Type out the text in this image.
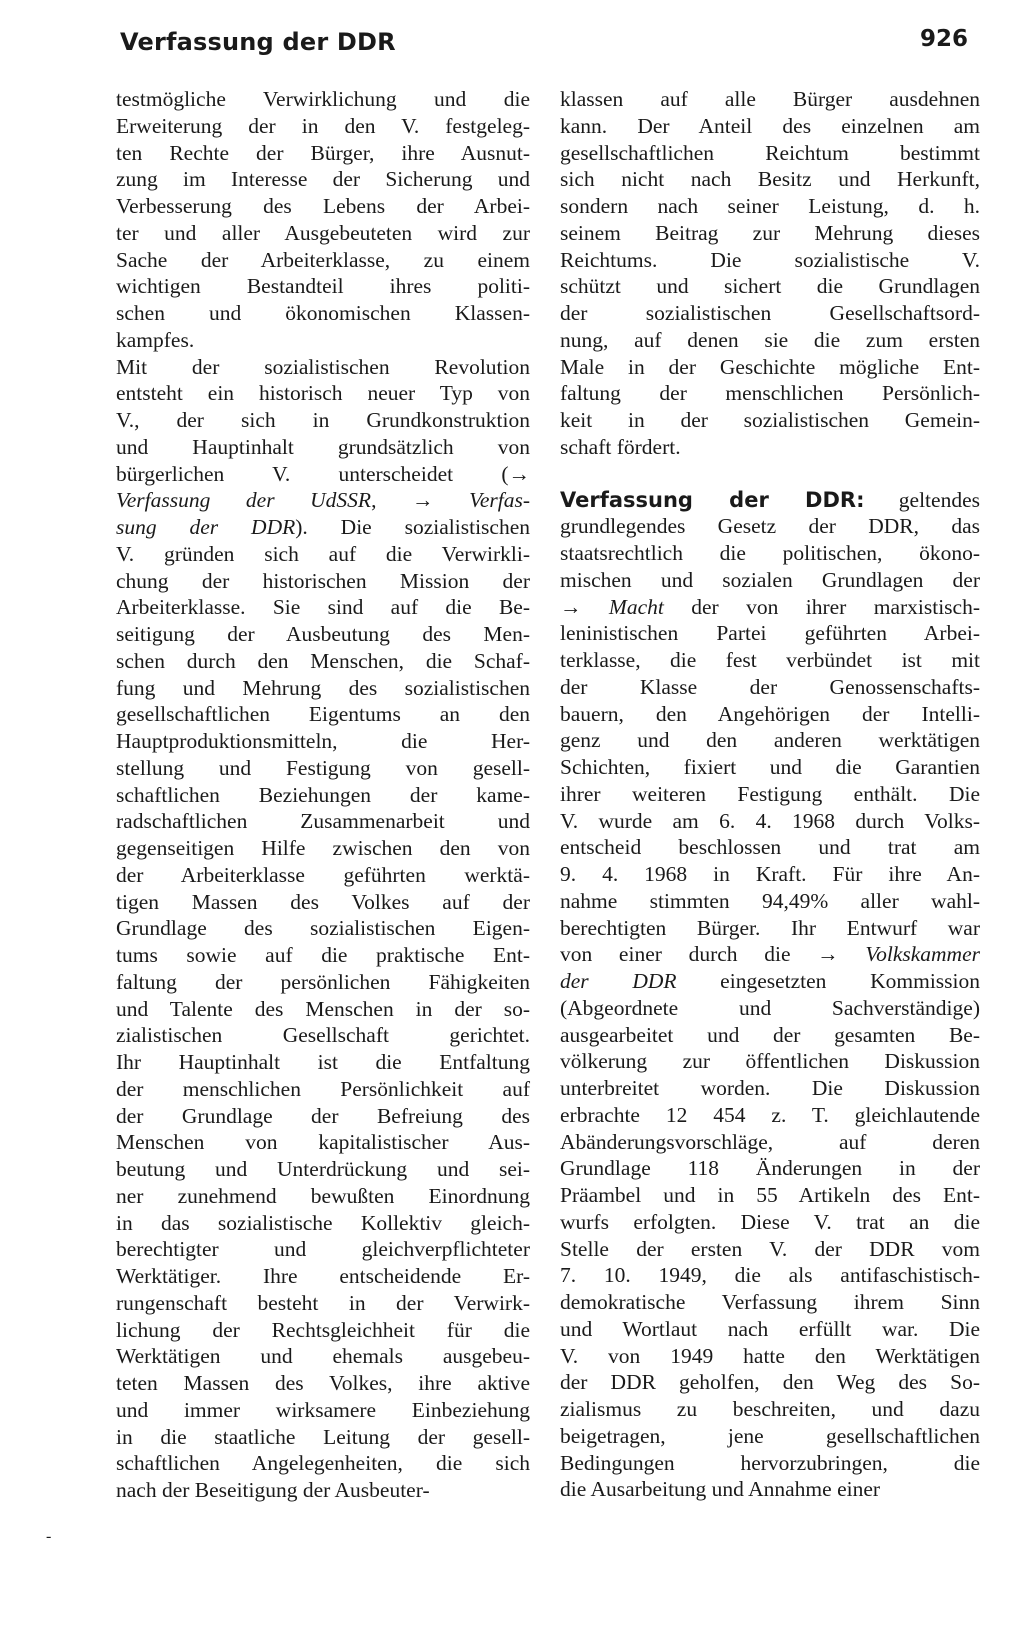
Verfassung der DDR	926
testmögliche Verwirklichung und die
Erweiterung der in den V. festgeleg-
ten Rechte der Bürger, ihre Ausnut-
zung im Interesse der Sicherung und
Verbesserung des Lebens der Arbei-
ter und aller Ausgebeuteten wird zur
Sache der Arbeiterklasse, zu einem
wichtigen Bestandteil ihres politi-
schen und ökonomischen Klassen-
kampfes.
Mit der sozialistischen Revolution
entsteht ein historisch neuer Typ von
V., der sich in Grundkonstruktion
und Hauptinhalt grundsätzlich von
bürgerlichen V. unterscheidet (→
Verfassung der UdSSR, → Verfas-
sung der DDR). Die sozialistischen
V. gründen sich auf die Verwirkli-
chung der historischen Mission der
Arbeiterklasse. Sie sind auf die Be-
seitigung der Ausbeutung des Men-
schen durch den Menschen, die Schaf-
fung und Mehrung des sozialistischen
gesellschaftlichen Eigentums an den
Hauptproduktionsmitteln, die Her-
stellung und Festigung von gesell-
schaftlichen Beziehungen der kame-
radschaftlichen Zusammenarbeit und
gegenseitigen Hilfe zwischen den von
der Arbeiterklasse geführten werktä-
tigen Massen des Volkes auf der
Grundlage des sozialistischen Eigen-
tums sowie auf die praktische Ent-
faltung der persönlichen Fähigkeiten
und Talente des Menschen in der so-
zialistischen Gesellschaft gerichtet.
Ihr Hauptinhalt ist die Entfaltung
der menschlichen Persönlichkeit auf
der Grundlage der Befreiung des
Menschen von kapitalistischer Aus-
beutung und Unterdrückung und sei-
ner zunehmend bewußten Einordnung
in das sozialistische Kollektiv gleich-
berechtigter und gleichverpflichteter
Werktätiger. Ihre entscheidende Er-
rungenschaft besteht in der Verwirk-
lichung der Rechtsgleichheit für die
Werktätigen und ehemals ausgebeu-
teten Massen des Volkes, ihre aktive
und immer wirksamere Einbeziehung
in die staatliche Leitung der gesell-
schaftlichen Angelegenheiten, die sich
nach der Beseitigung der Ausbeuter-
klassen auf alle Bürger ausdehnen
kann. Der Anteil des einzelnen am
gesellschaftlichen Reichtum bestimmt
sich nicht nach Besitz und Herkunft,
sondern nach seiner Leistung, d. h.
seinem Beitrag zur Mehrung dieses
Reichtums. Die sozialistische V.
schützt und sichert die Grundlagen
der sozialistischen Gesellschaftsord-
nung, auf denen sie die zum ersten
Male in der Geschichte mögliche Ent-
faltung der menschlichen Persönlich-
keit in der sozialistischen Gemein-
schaft fördert.
Verfassung der DDR: geltendes
grundlegendes Gesetz der DDR, das
staatsrechtlich die politischen, ökono-
mischen und sozialen Grundlagen der
→ Macht der von ihrer marxistisch-
leninistischen Partei geführten Arbei-
terklasse, die fest verbündet ist mit
der Klasse der Genossenschafts-
bauern, den Angehörigen der Intelli-
genz und den anderen werktätigen
Schichten, fixiert und die Garantien
ihrer weiteren Festigung enthält. Die
V. wurde am 6. 4. 1968 durch Volks-
entscheid beschlossen und trat am
9. 4. 1968 in Kraft. Für ihre An-
nahme stimmten 94,49% aller wahl-
berechtigten Bürger. Ihr Entwurf war
von einer durch die → Volkskammer
der DDR eingesetzten Kommission
(Abgeordnete und Sachverständige)
ausgearbeitet und der gesamten Be-
völkerung zur öffentlichen Diskussion
unterbreitet worden. Die Diskussion
erbrachte 12 454 z. T. gleichlautende
Abänderungsvorschläge, auf deren
Grundlage 118 Änderungen in der
Präambel und in 55 Artikeln des Ent-
wurfs erfolgten. Diese V. trat an die
Stelle der ersten V. der DDR vom
7. 10. 1949, die als antifaschistisch-
demokratische Verfassung ihrem Sinn
und Wortlaut nach erfüllt war. Die
V. von 1949 hatte den Werktätigen
der DDR geholfen, den Weg des So-
zialismus zu beschreiten, und dazu
beigetragen, jene gesellschaftlichen
Bedingungen hervorzubringen, die
die Ausarbeitung und Annahme einer
-
